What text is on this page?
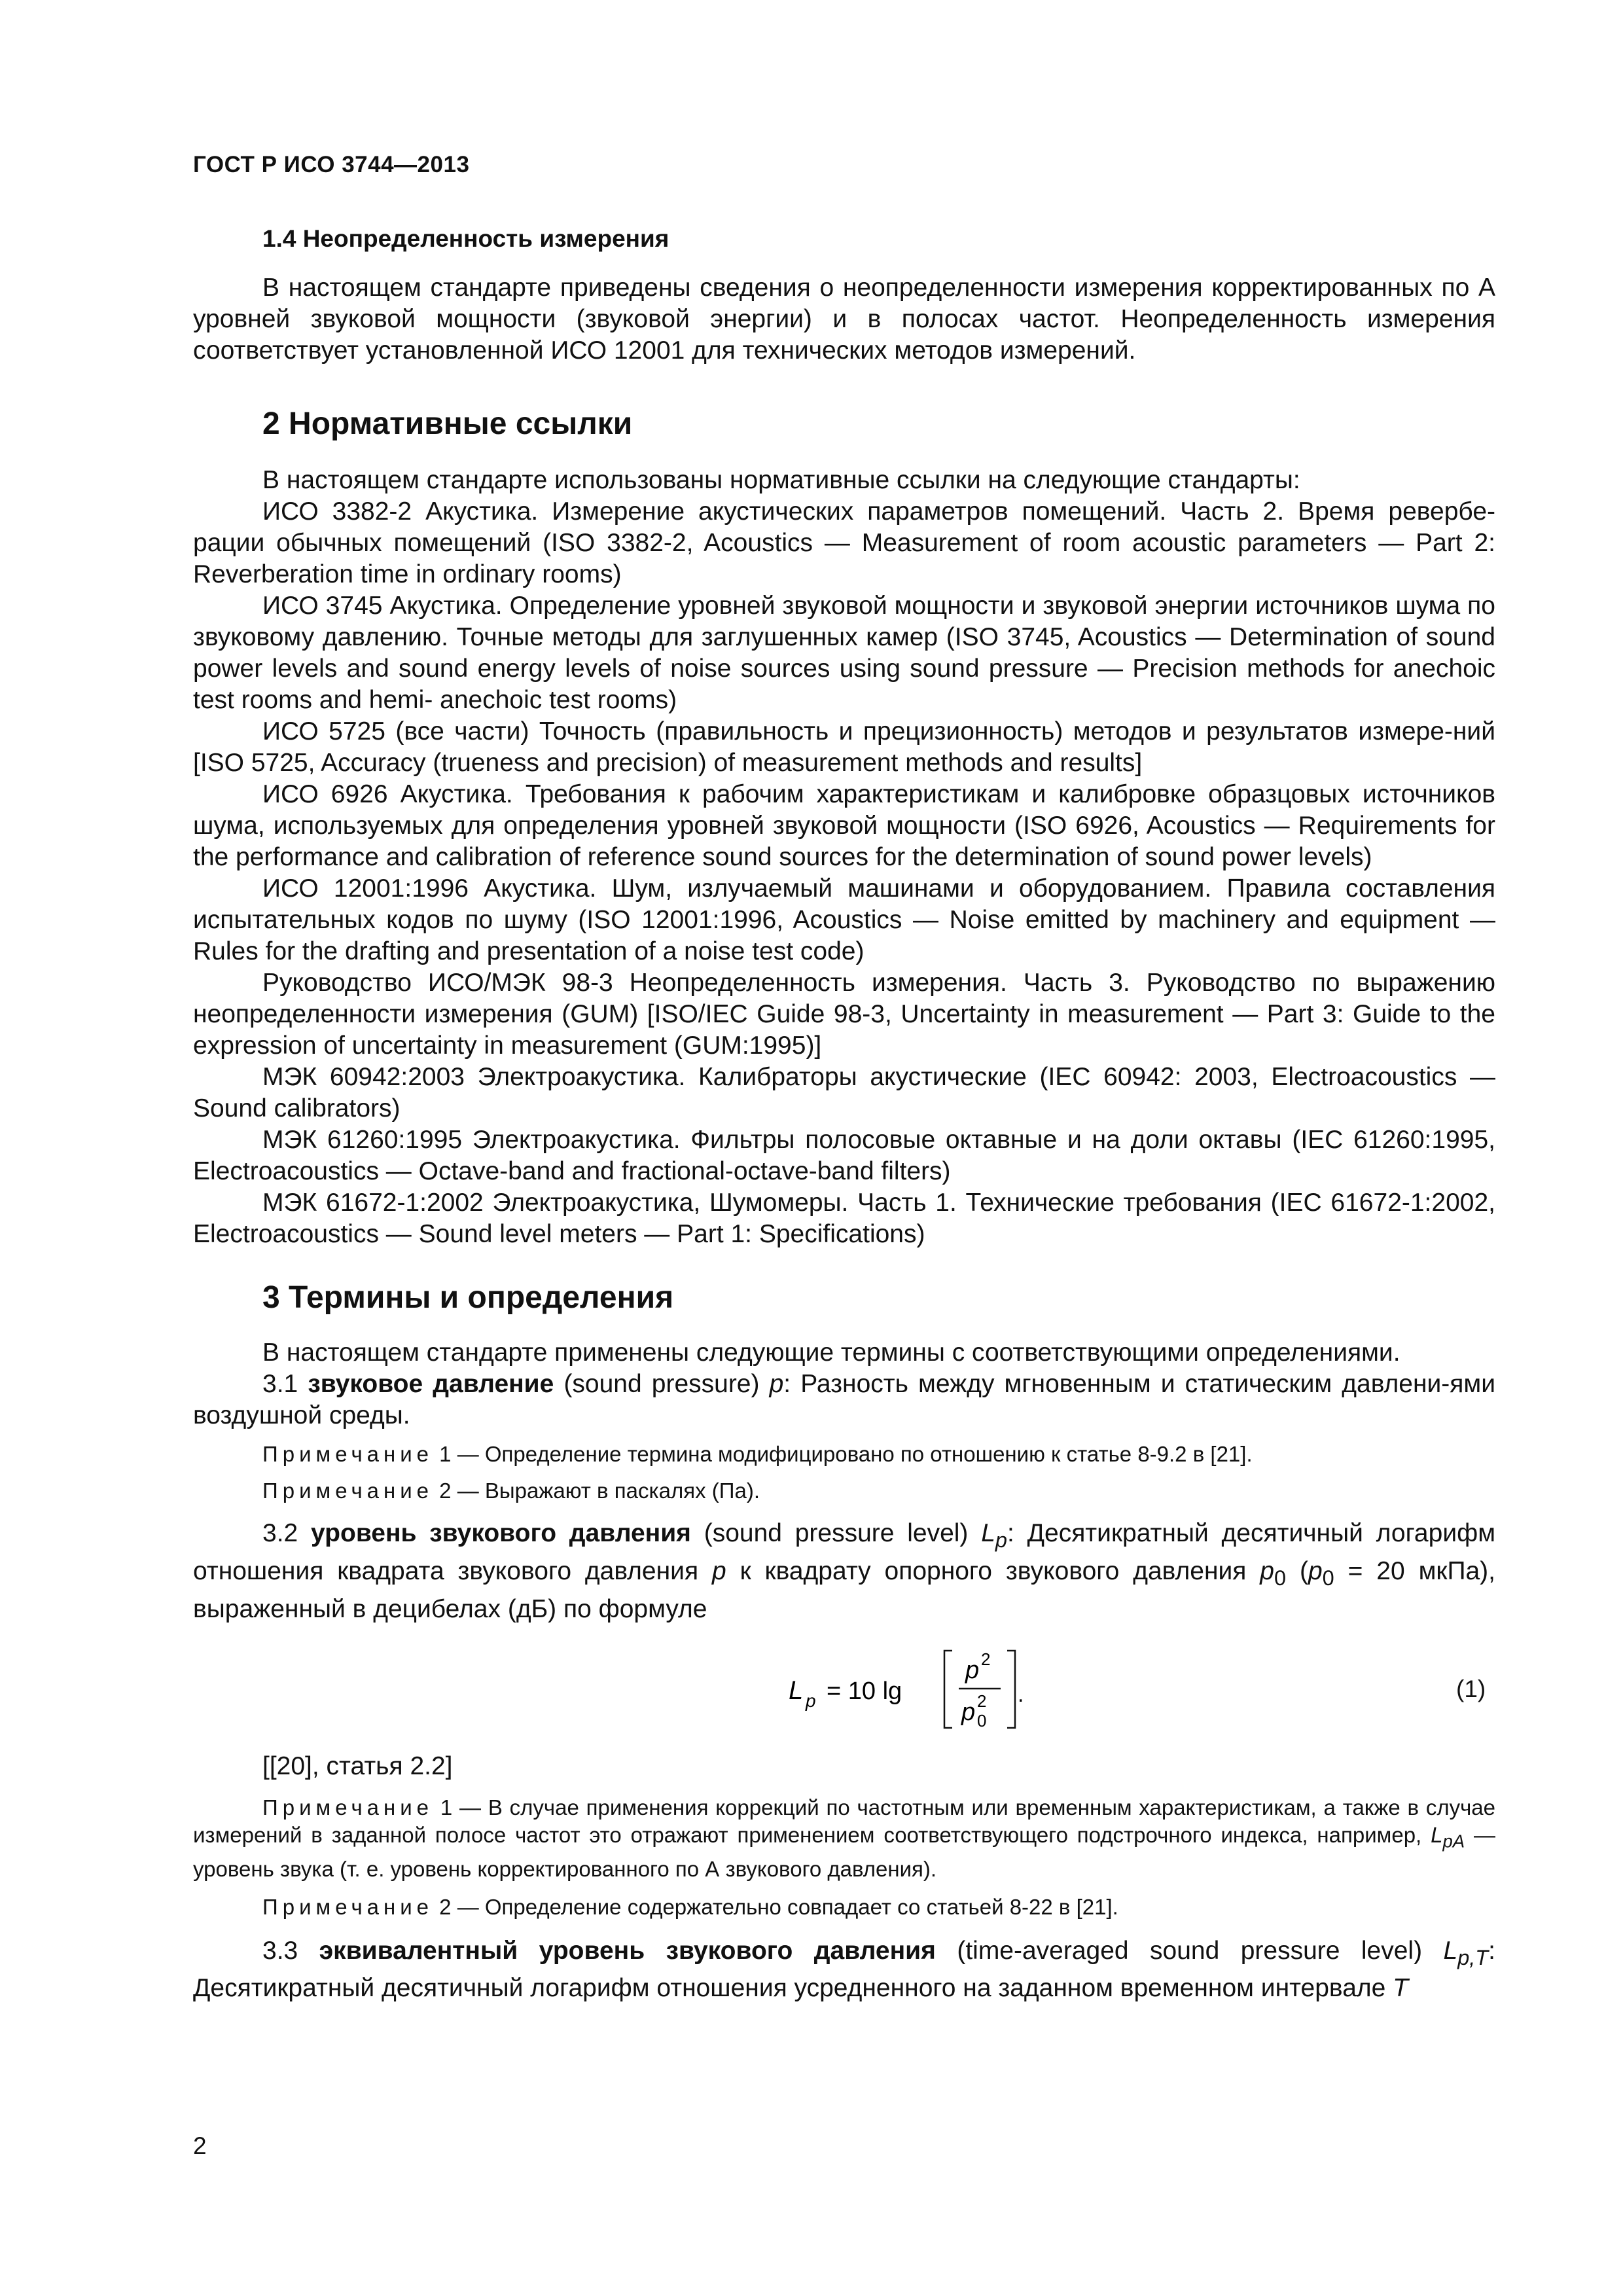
ГОСТ Р ИСО 3744—2013
1.4 Неопределенность измерения
В настоящем стандарте приведены сведения о неопределенности измерения корректированных по А уровней звуковой мощности (звуковой энергии) и в полосах частот. Неопределенность измерения соответствует установленной ИСО 12001 для технических методов измерений.
2 Нормативные ссылки
В настоящем стандарте использованы нормативные ссылки на следующие стандарты:
ИСО 3382-2 Акустика. Измерение акустических параметров помещений. Часть 2. Время ревербе-рации обычных помещений (ISO 3382-2, Acoustics — Measurement of room acoustic parameters — Part 2: Reverberation time in ordinary rooms)
ИСО 3745 Акустика. Определение уровней звуковой мощности и звуковой энергии источников шума по звуковому давлению. Точные методы для заглушенных камер (ISO 3745, Acoustics — Determination of sound power levels and sound energy levels of noise sources using sound pressure — Precision methods for anechoic test rooms and hemi- anechoic test rooms)
ИСО 5725 (все части) Точность (правильность и прецизионность) методов и результатов измере-ний [ISO 5725, Accuracy (trueness and precision) of measurement methods and results]
ИСО 6926 Акустика. Требования к рабочим характеристикам и калибровке образцовых источников шума, используемых для определения уровней звуковой мощности (ISO 6926, Acoustics — Requirements for the performance and calibration of reference sound sources for the determination of sound power levels)
ИСО 12001:1996 Акустика. Шум, излучаемый машинами и оборудованием. Правила составления испытательных кодов по шуму (ISO 12001:1996, Acoustics — Noise emitted by machinery and equipment — Rules for the drafting and presentation of a noise test code)
Руководство ИСО/МЭК 98-3 Неопределенность измерения. Часть 3. Руководство по выражению неопределенности измерения (GUM) [ISO/IEC Guide 98-3, Uncertainty in measurement — Part 3: Guide to the expression of uncertainty in measurement (GUM:1995)]
МЭК 60942:2003 Электроакустика. Калибраторы акустические (IEC 60942: 2003, Electroacoustics — Sound calibrators)
МЭК 61260:1995 Электроакустика. Фильтры полосовые октавные и на доли октавы (IEC 61260:1995, Electroacoustics — Octave-band and fractional-octave-band filters)
МЭК 61672-1:2002 Электроакустика, Шумомеры. Часть 1. Технические требования (IEC 61672-1:2002, Electroacoustics — Sound level meters — Part 1: Specifications)
3 Термины и определения
В настоящем стандарте применены следующие термины с соответствующими определениями.
3.1 звуковое давление (sound pressure) p: Разность между мгновенным и статическим давлени-ями воздушной среды.
Примечание 1 — Определение термина модифицировано по отношению к статье 8-9.2 в [21].
Примечание 2 — Выражают в паскалях (Па).
3.2 уровень звукового давления (sound pressure level) $L_p$: Десятикратный десятичный логарифм отношения квадрата звукового давления p к квадрату опорного звукового давления $p_0$ ($p_0 = 20$ мкПа), выраженный в децибелах (дБ) по формуле
L p = 10 lg
p 2
p 2
0
.	(1)
[[20], статья 2.2]
Примечание 1 — В случае применения коррекций по частотным или временным характеристикам, а также в случае измерений в заданной полосе частот это отражают применением соответствующего подстрочного индекса, например, $L_{pA}$ — уровень звука (т. е. уровень корректированного по А звукового давления).
Примечание 2 — Определение содержательно совпадает со статьей 8-22 в [21].
3.3 эквивалентный уровень звукового давления (time-averaged sound pressure level) $L_{p,T}$: Десятикратный десятичный логарифм отношения усредненного на заданном временном интервале T
2
